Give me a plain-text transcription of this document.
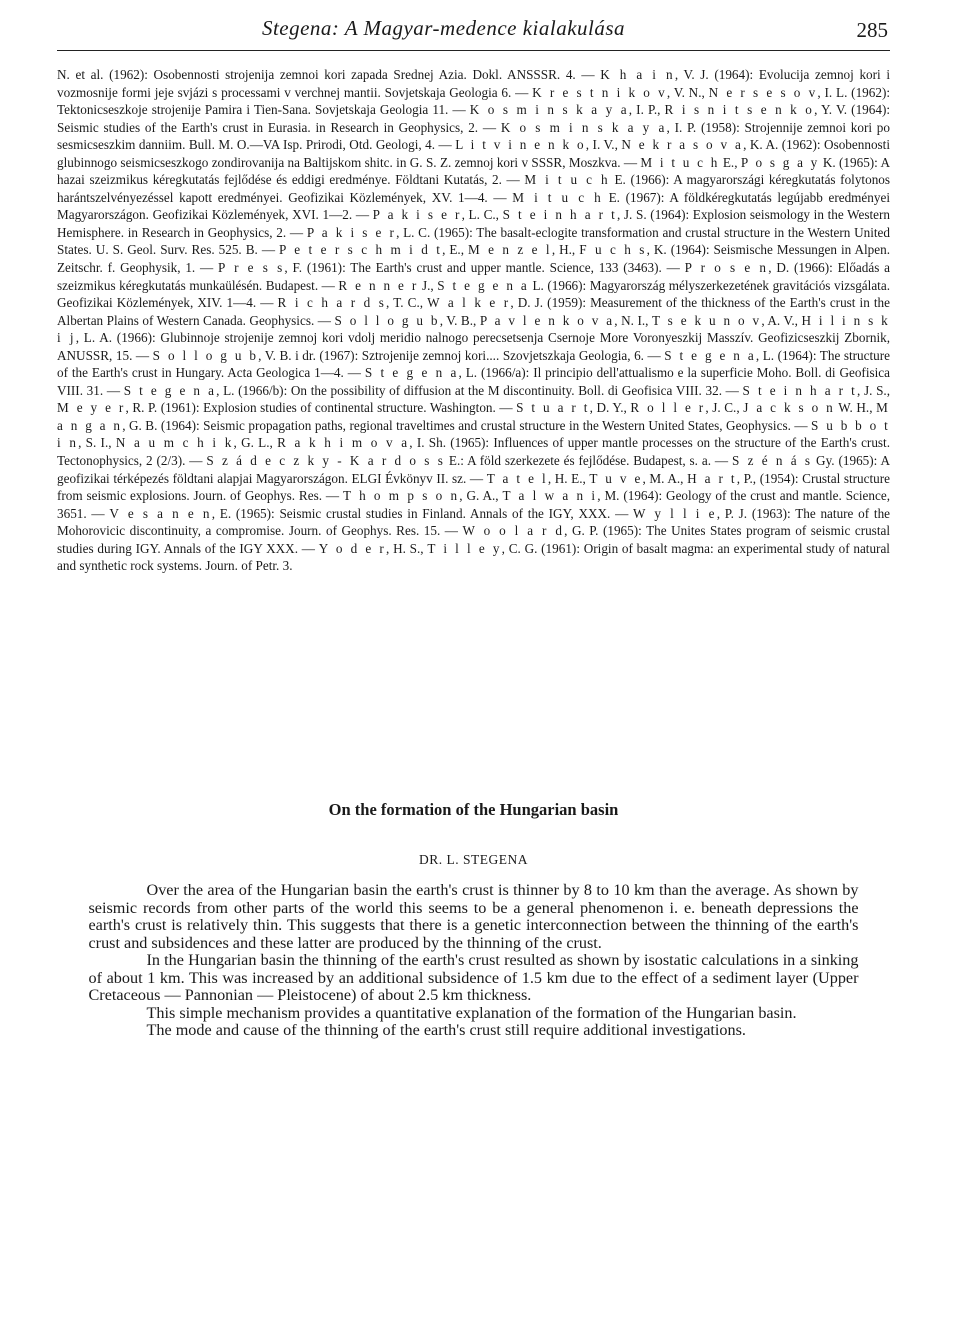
Stegena: A Magyar-medence kialakulása	285

N. et al. (1962): Osobennosti strojenija zemnoi kori zapada Srednej Azia. Dokl. ANSSSR. 4. — K h a i n, V. J. (1964): Evolucija zemnoj kori i vozmosnije formi jeje svjázi s processami v verchnej mantii. Sovjetskaja Geologia 6. — K r e s t n i k o v, V. N., N e r s e s o v, I. L. (1962): Tektonicseszkoje strojenije Pamira i Tien-Sana. Sovjetskaja Geologia 11. — K o s m i n s k a y a, I. P., R i s n i t s e n k o, Y. V. (1964): Seismic studies of the Earth's crust in Eurasia. in Research in Geophysics, 2. — K o s m i n s k a y a, I. P. (1958): Strojennije zemnoi kori po sesmicseszkim danniim. Bull. M. O.—VA Isp. Prirodi, Otd. Geologi, 4. — L i t v i n e n k o, I. V., N e k r a s o v a, K. A. (1962): Osobennosti glubinnogo seismicseszkogo zondirovanija na Baltijskom shitc. in G. S. Z. zemnoj kori v SSSR, Moszkva. — M i t u c h E., P o s g a y K. (1965): A hazai szeizmikus kéregkutatás fejlődése és eddigi eredménye. Földtani Kutatás, 2. — M i t u c h E. (1966): A magyarországi kéregkutatás folytonos harántszelvényezéssel kapott eredményei. Geofizikai Közlemények, XV. 1—4. — M i t u c h E. (1967): A földkéregkutatás legújabb eredményei Magyarországon. Geofizikai Közlemények, XVI. 1—2. — P a k i s e r, L. C., S t e i n h a r t, J. S. (1964): Explosion seismology in the Western Hemisphere. in Research in Geophysics, 2. — P a k i s e r, L. C. (1965): The basalt-eclogite transformation and crustal structure in the Western United States. U. S. Geol. Surv. Res. 525. B. — P e t e r s c h m i d t, E., M e n z e l, H., F u c h s, K. (1964): Seismische Messungen in Alpen. Zeitschr. f. Geophysik, 1. — P r e s s, F. (1961): The Earth's crust and upper mantle. Science, 133 (3463). — P r o s e n, D. (1966): Előadás a szeizmikus kéregkutatás munkaülésén. Budapest. — R e n n e r J., S t e g e n a L. (1966): Magyarország mélyszerkezetének gravitációs vizsgálata. Geofizikai Közlemények, XIV. 1—4. — R i c h a r d s, T. C., W a l k e r, D. J. (1959): Measurement of the thickness of the Earth's crust in the Albertan Plains of Western Canada. Geophysics. — S o l l o g u b, V. B., P a v l e n k o v a, N. I., T s e k u n o v, A. V., H i l i n s k i j, L. A. (1966): Glubinnoje strojenije zemnoj kori vdolj meridio nalnogo perecsetsenja Csernoje More Voronyeszkij Masszív. Geofizicseszkij Zbornik, ANUSSR, 15. — S o l l o g u b, V. B. i dr. (1967): Sztrojenije zemnoj kori.... Szovjetszkaja Geologia, 6. — S t e g e n a, L. (1964): The structure of the Earth's crust in Hungary. Acta Geologica 1—4. — S t e g e n a, L. (1966/a): Il principio dell'attualismo e la superficie Moho. Boll. di Geofisica VIII. 31. — S t e g e n a, L. (1966/b): On the possibility of diffusion at the M discontinuity. Boll. di Geofisica VIII. 32. — S t e i n h a r t, J. S., M e y e r, R. P. (1961): Explosion studies of continental structure. Washington. — S t u a r t, D. Y., R o l l e r, J. C., J a c k s o n W. H., M a n g a n, G. B. (1964): Seismic propagation paths, regional traveltimes and crustal structure in the Western United States, Geophysics. — S u b b o t i n, S. I., N a u m c h i k, G. L., R a k h i m o v a, I. Sh. (1965): Influences of upper mantle processes on the structure of the Earth's crust. Tectonophysics, 2 (2/3). — S z á d e c z k y - K a r d o s s E.: A föld szerkezete és fejlődése. Budapest, s. a. — S z é n á s Gy. (1965): A geofizikai térképezés földtani alapjai Magyarországon. ELGI Évkönyv II. sz. — T a t e l, H. E., T u v e, M. A., H a r t, P., (1954): Crustal structure from seismic explosions. Journ. of Geophys. Res. — T h o m p s o n, G. A., T a l w a n i, M. (1964): Geology of the crust and mantle. Science, 3651. — V e s a n e n, E. (1965): Seismic crustal studies in Finland. Annals of the IGY, XXX. — W y l l i e, P. J. (1963): The nature of the Mohorovicic discontinuity, a compromise. Journ. of Geophys. Res. 15. — W o o l a r d, G. P. (1965): The Unites States program of seismic crustal studies during IGY. Annals of the IGY XXX. — Y o d e r, H. S., T i l l e y, C. G. (1961): Origin of basalt magma: an experimental study of natural and synthetic rock systems. Journ. of Petr. 3.

On the formation of the Hungarian basin

DR. L. STEGENA

Over the area of the Hungarian basin the earth's crust is thinner by 8 to 10 km than the average. As shown by seismic records from other parts of the world this seems to be a general phenomenon i. e. beneath depressions the earth's crust is relatively thin. This suggests that there is a genetic interconnection between the thinning of the earth's crust and subsidences and these latter are produced by the thinning of the crust.

In the Hungarian basin the thinning of the earth's crust resulted as shown by isostatic calculations in a sinking of about 1 km. This was increased by an additional subsidence of 1.5 km due to the effect of a sediment layer (Upper Cretaceous — Pannonian — Pleistocene) of about 2.5 km thickness.

This simple mechanism provides a quantitative explanation of the formation of the Hungarian basin.

The mode and cause of the thinning of the earth's crust still require additional investigations.
